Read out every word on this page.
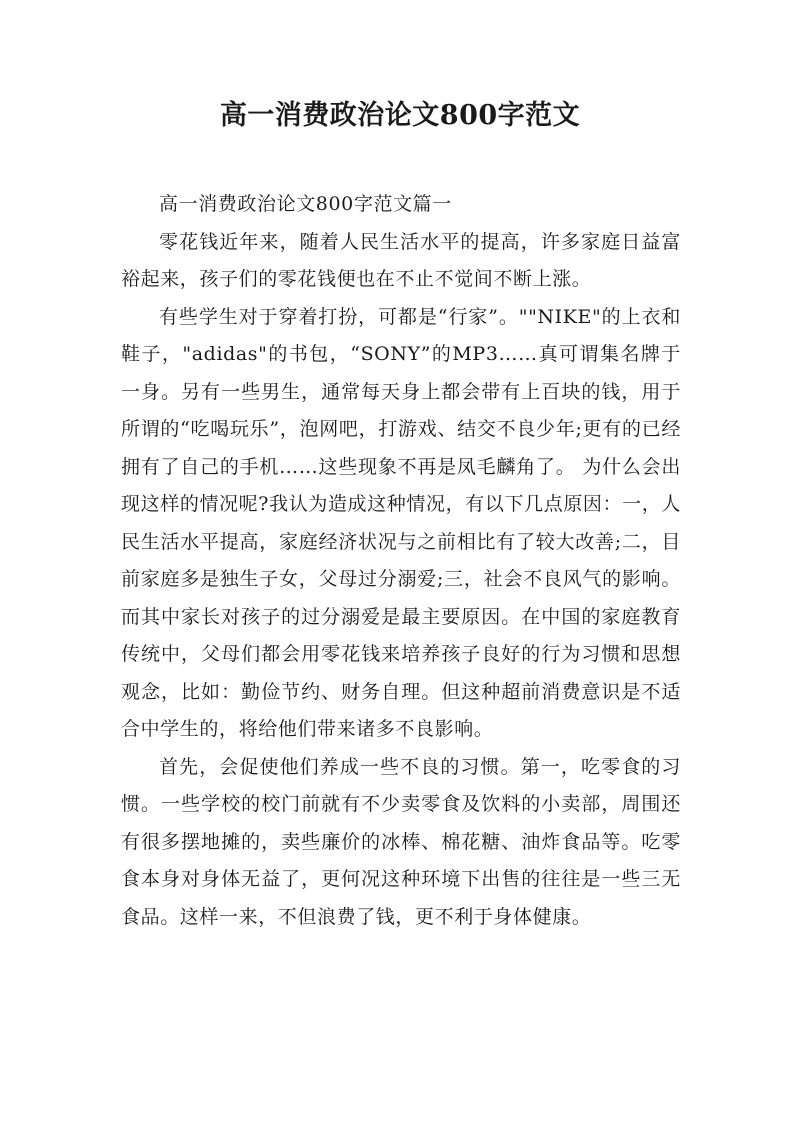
高一消费政治论文800字范文

高一消费政治论文800字范文篇一

零花钱近年来，随着人民生活水平的提高，许多家庭日益富裕起来，孩子们的零花钱便也在不止不觉间不断上涨。

有些学生对于穿着打扮，可都是“行家”。""NIKE"的上衣和鞋子，"adidas"的书包，“SONY”的MP3……真可谓集名牌于一身。另有一些男生，通常每天身上都会带有上百块的钱，用于所谓的“吃喝玩乐”，泡网吧，打游戏、结交不良少年;更有的已经拥有了自己的手机……这些现象不再是凤毛麟角了。 为什么会出现这样的情况呢?我认为造成这种情况，有以下几点原因：一，人民生活水平提高，家庭经济状况与之前相比有了较大改善;二，目前家庭多是独生子女，父母过分溺爱;三，社会不良风气的影响。而其中家长对孩子的过分溺爱是最主要原因。在中国的家庭教育传统中，父母们都会用零花钱来培养孩子良好的行为习惯和思想观念，比如：勤俭节约、财务自理。但这种超前消费意识是不适合中学生的，将给他们带来诸多不良影响。

首先，会促使他们养成一些不良的习惯。第一，吃零食的习惯。一些学校的校门前就有不少卖零食及饮料的小卖部，周围还有很多摆地摊的，卖些廉价的冰棒、棉花糖、油炸食品等。吃零食本身对身体无益了，更何况这种环境下出售的往往是一些三无食品。这样一来，不但浪费了钱，更不利于身体健康。
